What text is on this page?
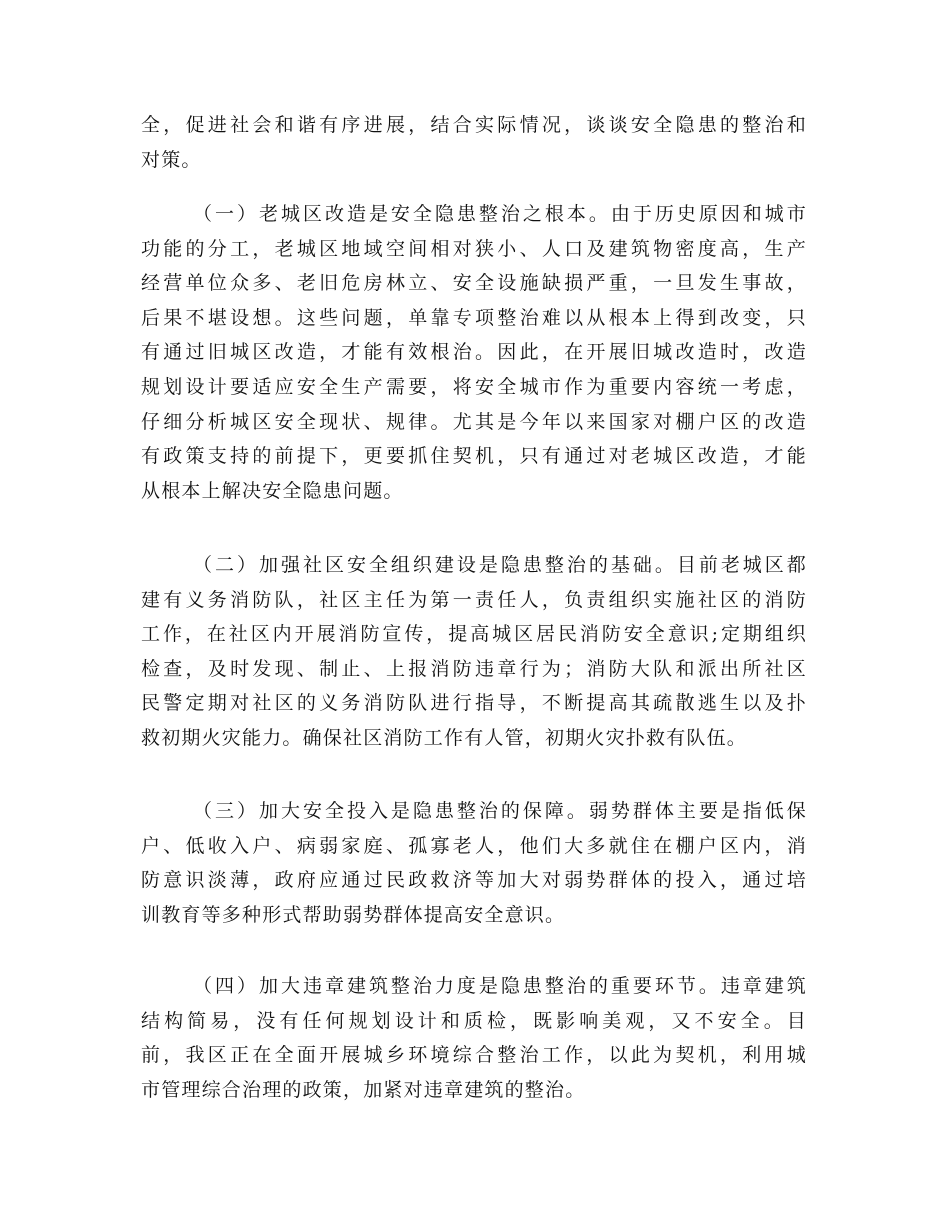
全，促进社会和谐有序进展，结合实际情况，谈谈安全隐患的整治和
对策。
（一）老城区改造是安全隐患整治之根本。由于历史原因和城市
功能的分工，老城区地域空间相对狭小、人口及建筑物密度高，生产
经营单位众多、老旧危房林立、安全设施缺损严重，一旦发生事故，
后果不堪设想。这些问题，单靠专项整治难以从根本上得到改变，只
有通过旧城区改造，才能有效根治。因此，在开展旧城改造时，改造
规划设计要适应安全生产需要，将安全城市作为重要内容统一考虑，
仔细分析城区安全现状、规律。尤其是今年以来国家对棚户区的改造
有政策支持的前提下，更要抓住契机，只有通过对老城区改造，才能
从根本上解决安全隐患问题。
（二）加强社区安全组织建设是隐患整治的基础。目前老城区都
建有义务消防队，社区主任为第一责任人，负责组织实施社区的消防
工作，在社区内开展消防宣传，提高城区居民消防安全意识;定期组织
检查，及时发现、制止、上报消防违章行为；消防大队和派出所社区
民警定期对社区的义务消防队进行指导，不断提高其疏散逃生以及扑
救初期火灾能力。确保社区消防工作有人管，初期火灾扑救有队伍。
（三）加大安全投入是隐患整治的保障。弱势群体主要是指低保
户、低收入户、病弱家庭、孤寡老人，他们大多就住在棚户区内，消
防意识淡薄，政府应通过民政救济等加大对弱势群体的投入，通过培
训教育等多种形式帮助弱势群体提高安全意识。
（四）加大违章建筑整治力度是隐患整治的重要环节。违章建筑
结构简易，没有任何规划设计和质检，既影响美观，又不安全。目
前，我区正在全面开展城乡环境综合整治工作，以此为契机，利用城
市管理综合治理的政策，加紧对违章建筑的整治。
